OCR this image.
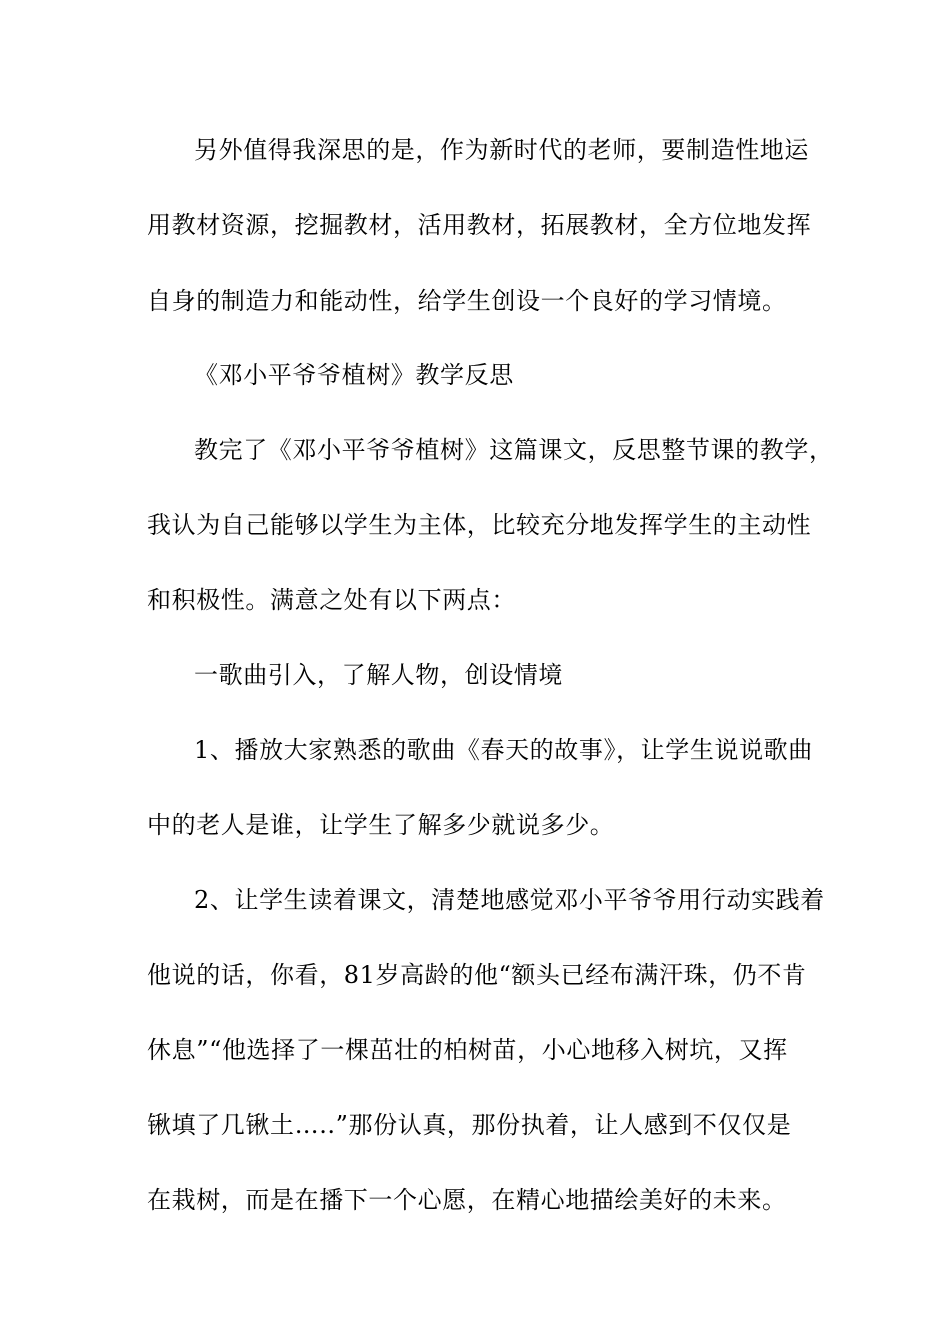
另外值得我深思的是，作为新时代的老师，要制造性地运
用教材资源，挖掘教材，活用教材，拓展教材，全方位地发挥
自身的制造力和能动性，给学生创设一个良好的学习情境。
《邓小平爷爷植树》教学反思
教完了《邓小平爷爷植树》这篇课文，反思整节课的教学，
我认为自己能够以学生为主体，比较充分地发挥学生的主动性
和积极性。满意之处有以下两点：
一歌曲引入，了解人物，创设情境
1、播放大家熟悉的歌曲《春天的故事》，让学生说说歌曲
中的老人是谁，让学生了解多少就说多少。
2、让学生读着课文，清楚地感觉邓小平爷爷用行动实践着
他说的话，你看，81岁高龄的他“额头已经布满汗珠，仍不肯
休息”“他选择了一棵茁壮的柏树苗，小心地移入树坑，又挥
锹填了几锹土…..”那份认真，那份执着，让人感到不仅仅是
在栽树，而是在播下一个心愿，在精心地描绘美好的未来。
